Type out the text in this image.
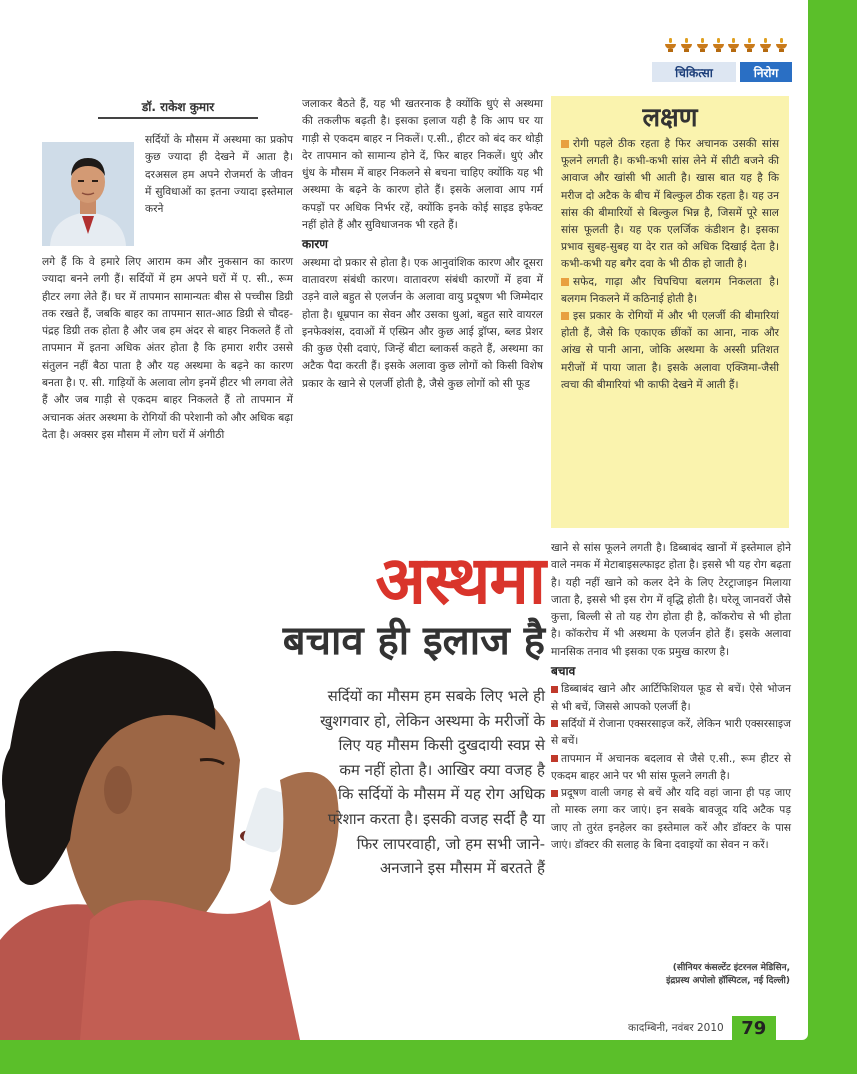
चिकित्सा	निरोग
डॉ. राकेश कुमार

सर्दियों के मौसम में अस्थमा का प्रकोप कुछ ज्यादा ही देखने में आता है। दरअसल हम अपने रोजमर्रा के जीवन में सुविधाओं का इतना ज्यादा इस्तेमाल करने

लगे हैं कि वे हमारे लिए आराम कम और नुकसान का कारण ज्यादा बनने लगी हैं। सर्दियों में हम अपने घरों में ए. सी., रूम हीटर लगा लेते हैं। घर में तापमान सामान्यतः बीस से पच्चीस डिग्री तक रखते हैं, जबकि बाहर का तापमान सात-आठ डिग्री से चौदह-पंद्रह डिग्री तक होता है और जब हम अंदर से बाहर निकलते हैं तो तापमान में इतना अधिक अंतर होता है कि हमारा शरीर उससे संतुलन नहीं बैठा पाता है और यह अस्थमा के बढ़ने का कारण बनता है। ए. सी. गाड़ियों के अलावा लोग इनमें हीटर भी लगवा लेते हैं और जब गाड़ी से एकदम बाहर निकलते हैं तो तापमान में अचानक अंतर अस्थमा के रोगियों की परेशानी को और अधिक बढ़ा देता है। अक्सर इस मौसम में लोग घरों में अंगीठी

जलाकर बैठते हैं, यह भी खतरनाक है क्योंकि धुएं से अस्थमा की तकलीफ बढ़ती है। इसका इलाज यही है कि आप घर या गाड़ी से एकदम बाहर न निकलें। ए.सी., हीटर को बंद कर थोड़ी देर तापमान को सामान्य होने दें, फिर बाहर निकलें। धुएं और धुंध के मौसम में बाहर निकलने से बचना चाहिए क्योंकि यह भी अस्थमा के बढ़ने के कारण होते हैं। इसके अलावा आप गर्म कपड़ों पर अधिक निर्भर रहें, क्योंकि इनके कोई साइड इफेक्ट नहीं होते हैं और सुविधाजनक भी रहते हैं।

कारण

अस्थमा दो प्रकार से होता है। एक आनुवांशिक कारण और दूसरा वातावरण संबंधी कारण। वातावरण संबंधी कारणों में हवा में उड़ने वाले बहुत से एलर्जन के अलावा वायु प्रदूषण भी जिम्मेदार होता है। धूम्रपान का सेवन और उसका धुआं, बहुत सारे वायरल इनफेक्शंस, दवाओं में एस्प्रिन और कुछ आई ड्रॉप्स, ब्लड प्रेशर की कुछ ऐसी दवाएं, जिन्हें बीटा ब्लाकर्स कहते हैं, अस्थमा का अटैक पैदा करती हैं। इसके अलावा कुछ लोगों को किसी विशेष प्रकार के खाने से एलर्जी होती है, जैसे कुछ लोगों को सी फूड

लक्षण

रोगी पहले ठीक रहता है फिर अचानक उसकी सांस फूलने लगती है। कभी-कभी सांस लेने में सीटी बजने की आवाज और खांसी भी आती है। खास बात यह है कि मरीज दो अटैक के बीच में बिल्कुल ठीक रहता है। यह उन सांस की बीमारियों से बिल्कुल भिन्न है, जिसमें पूरे साल सांस फूलती है। यह एक एलर्जिक कंडीशन है। इसका प्रभाव सुबह-सुबह या देर रात को अधिक दिखाई देता है। कभी-कभी यह बगैर दवा के भी ठीक हो जाती है।

सफेद, गाढ़ा और चिपचिपा बलगम निकलता है। बलगम निकलने में कठिनाई होती है।

इस प्रकार के रोगियों में और भी एलर्जी की बीमारियां होती हैं, जैसे कि एकाएक छींकों का आना, नाक और आंख से पानी आना, जोकि अस्थमा के अस्सी प्रतिशत मरीजों में पाया जाता है। इसके अलावा एक्जिमा-जैसी त्वचा की बीमारियां भी काफी देखने में आती हैं।

खाने से सांस फूलने लगती है। डिब्बाबंद खानों में इस्तेमाल होने वाले नमक में मेटाबाइसल्फाइट होता है। इससे भी यह रोग बढ़ता है। यही नहीं खाने को कलर देने के लिए टेरट्राजाइन मिलाया जाता है, इससे भी इस रोग में वृद्धि होती है। घरेलू जानवरों जैसे कुत्ता, बिल्ली से तो यह रोग होता ही है, कॉकरोच से भी होता है। कॉकरोच में भी अस्थमा के एलर्जन होते हैं। इसके अलावा मानसिक तनाव भी इसका एक प्रमुख कारण है।

बचाव

डिब्बाबंद खाने और आर्टिफिशियल फूड से बचें। ऐसे भोजन से भी बचें, जिससे आपको एलर्जी है।

सर्दियों में रोजाना एक्सरसाइज करें, लेकिन भारी एक्सरसाइज से बचें।

तापमान में अचानक बदलाव से जैसे ए.सी., रूम हीटर से एकदम बाहर आने पर भी सांस फूलने लगती है।

प्रदूषण वाली जगह से बचें और यदि वहां जाना ही पड़ जाए तो मास्क लगा कर जाएं। इन सबके बावजूद यदि अटैक पड़ जाए तो तुरंत इनहेलर का इस्तेमाल करें और डॉक्टर के पास जाएं। डॉक्टर की सलाह के बिना दवाइयों का सेवन न करें।

अस्थमा
बचाव ही इलाज है
सर्दियों का मौसम हम सबके लिए भले ही खुशगवार हो, लेकिन अस्थमा के मरीजों के लिए यह मौसम किसी दुखदायी स्वप्न से कम नहीं होता है। आखिर क्या वजह है कि सर्दियों के मौसम में यह रोग अधिक परेशान करता है। इसकी वजह सर्दी है या फिर लापरवाही, जो हम सभी जाने-अनजाने इस मौसम में बरतते हैं
(सीनियर कंसल्टेंट इंटरनल मेडिसिन,
इंद्रप्रस्थ अपोलो हॉस्पिटल, नई दिल्ली)
कादम्बिनी, नवंबर 2010 79
